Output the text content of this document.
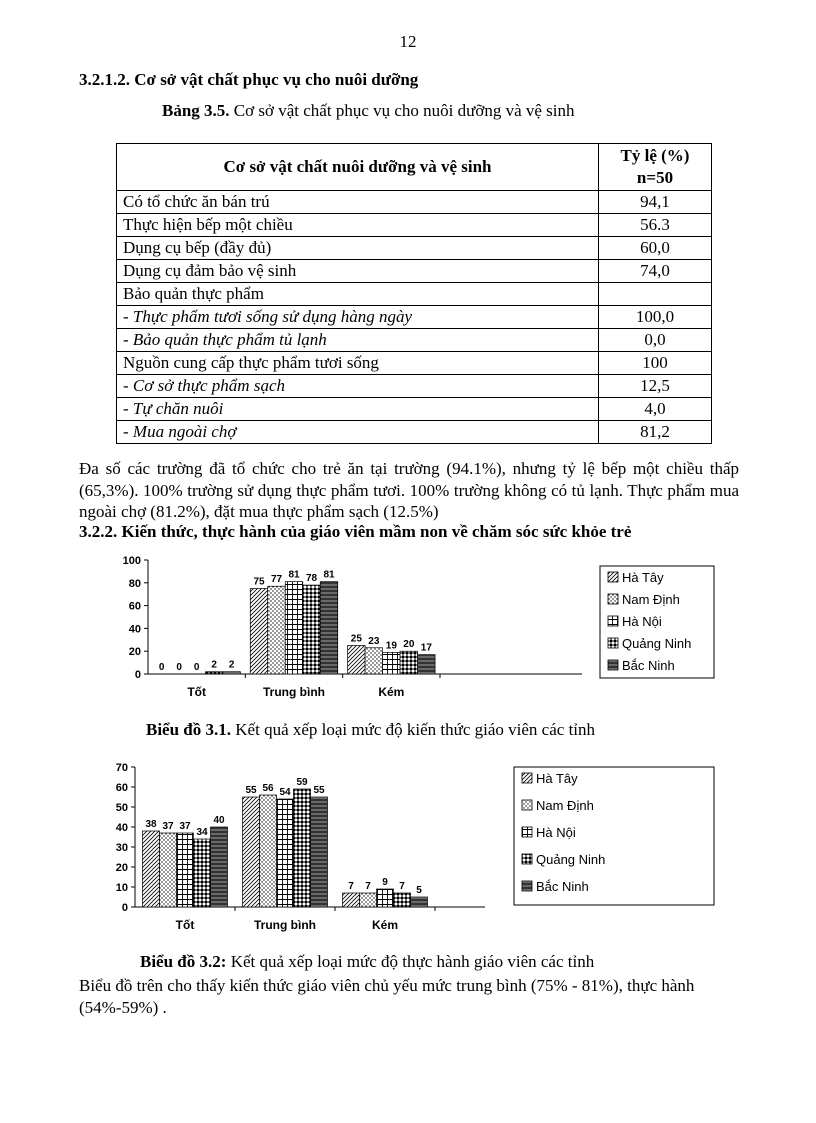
12
3.2.1.2. Cơ sở vật chất phục vụ cho nuôi dưỡng
Bảng 3.5. Cơ sở vật chất phục vụ cho nuôi dưỡng và vệ sinh
Cơ sở vật chất nuôi dưỡng và vệ sinh	Tỷ lệ (%)
n=50

Có tổ chức ăn bán trú	94,1
Thực hiện bếp một chiều	56.3
Dụng cụ bếp (đầy đủ)	60,0
Dụng cụ đảm bảo vệ sinh	74,0
Bảo quản thực phẩm	
- Thực phẩm tươi sống sử dụng hàng ngày	100,0
- Bảo quản thực phẩm tủ lạnh	0,0
Nguồn cung cấp thực phẩm tươi sống	100
- Cơ sở thực phẩm sạch	12,5
- Tự chăn nuôi	4,0
- Mua ngoài chợ	81,2
Đa số các trường đã tổ chức cho trẻ ăn tại trường (94.1%), nhưng tỷ lệ bếp một chiều thấp (65,3%). 100% trường sử dụng thực phẩm tươi. 100% trường không có tủ lạnh. Thực phẩm mua ngoài chợ (81.2%), đặt mua thực phẩm sạch (12.5%)
3.2.2. Kiến thức, thực hành của giáo viên mầm non về chăm sóc sức khỏe trẻ
0
20
40
60
80
100
Tốt
0 0 0 2 2
Trung bình
75 77 81 78 81
Kém
25 23 19 20 17
Hà Tây
Nam Định
Hà Nội
Quảng Ninh
Bắc Ninh
Biểu đồ 3.1. Kết quả xếp loại mức độ kiến thức giáo viên các tỉnh
0
10
20
30
40
50
60
70
Tốt
38 37 37
34
40
Trung bình
55 56 54
59
55
Kém
7 7 9 7 5
Hà Tây
Nam Định
Hà Nội
Quảng Ninh
Bắc Ninh
Biểu đồ 3.2: Kết quả xếp loại mức độ thực hành giáo viên các tỉnh
Biểu đồ trên cho thấy kiến thức giáo viên chủ yếu mức trung bình (75% - 81%), thực hành (54%-59%) .
